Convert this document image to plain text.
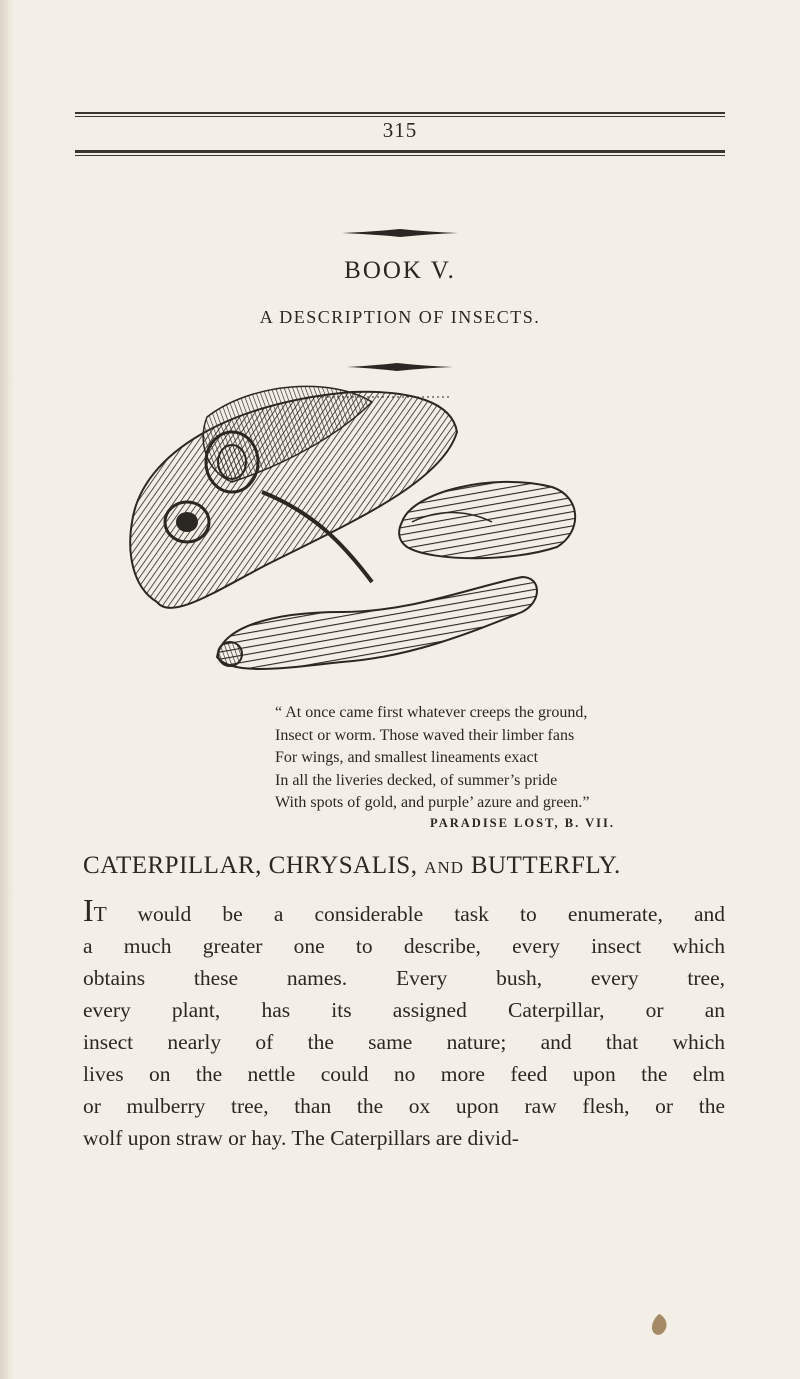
315
BOOK V.
A DESCRIPTION OF INSECTS.
“ At once came first whatever creeps the ground,
Insect or worm. Those waved their limber fans
For wings, and smallest lineaments exact
In all the liveries decked, of summer’s pride
With spots of gold, and purple’ azure and green.”
PARADISE LOST, B. VII.
CATERPILLAR, CHRYSALIS, AND BUTTERFLY.
IT would be a considerable task to enumerate, and
a much greater one to describe, every insect which
obtains these names. Every bush, every tree,
every plant, has its assigned Caterpillar, or an
insect nearly of the same nature; and that which
lives on the nettle could no more feed upon the elm
or mulberry tree, than the ox upon raw flesh, or the
wolf upon straw or hay. The Caterpillars are divid-
